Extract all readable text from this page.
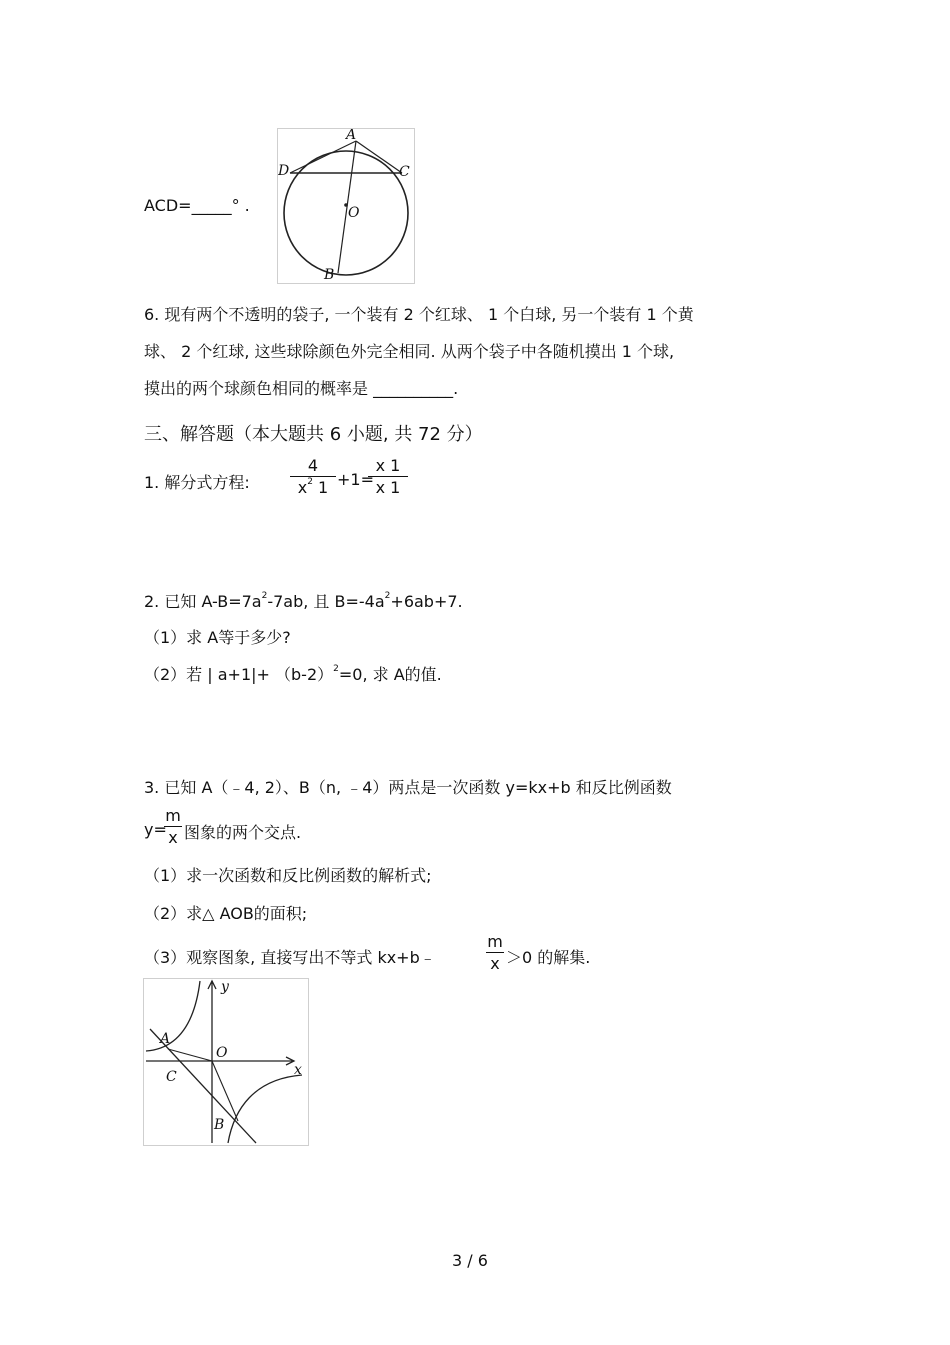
ACD=_____° .
A
D	C
O
B
6. 现有两个不透明的袋子, 一个装有 2 个红球、 1 个白球, 另一个装有 1 个黄
球、 2 个红球, 这些球除颜色外完全相同. 从两个袋子中各随机摸出 1 个球,
摸出的两个球颜色相同的概率是 __________.
三、解答题（本大题共 6 小题, 共 72 分）
1. 解分式方程:
4
$x^2$ 1 +1=
x 1
x 1
2. 已知 $A-B=7a^2-7ab$, 且 $B=-4a^2+6ab+7$.
（1）求 A等于多少?
（2）若 | $a+1|+ (b-2)^2=0$, 求 A的值.
3. 已知 A（﹣4, 2）、B（n, ﹣4）两点是一次函数 y=kx+b 和反比例函数
y=
m
x 图象的两个交点.
（1）求一次函数和反比例函数的解析式;
（2）求△ AOB的面积;
（3）观察图象, 直接写出不等式 kx+b﹣
m
x ＞0 的解集.
y
x
O
A
C
B
3 / 6
